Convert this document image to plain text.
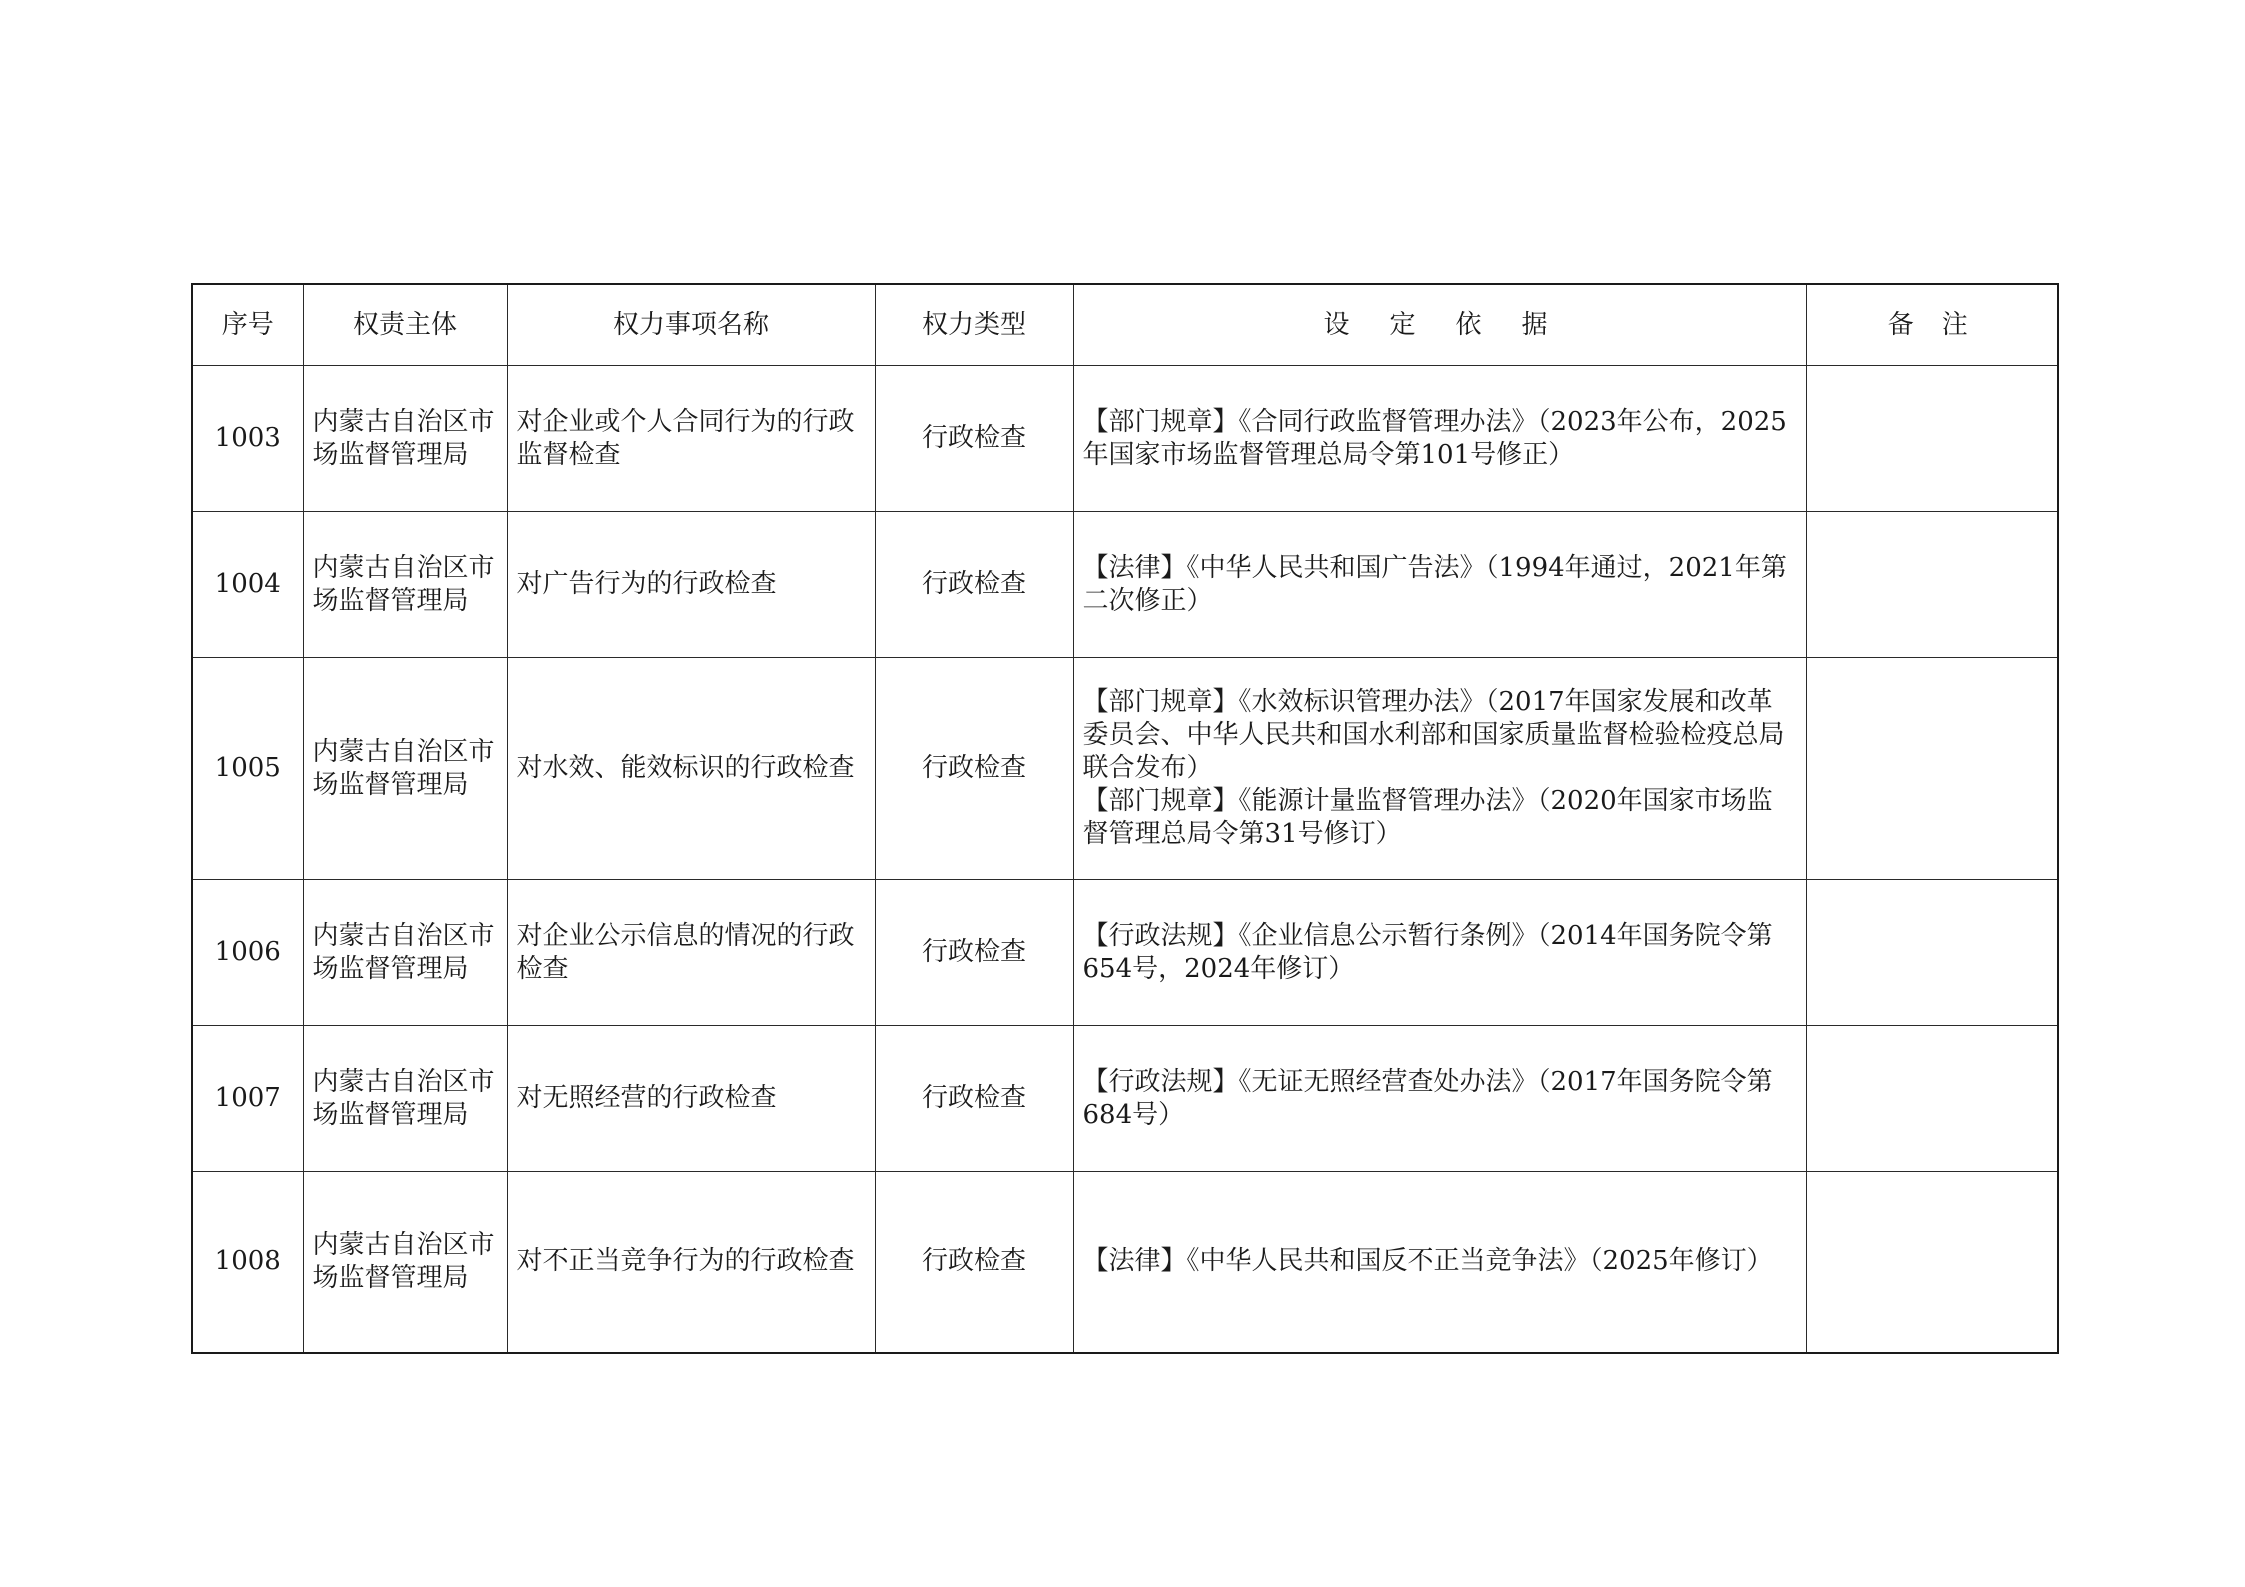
序号	权责主体	权力事项名称	权力类型	设定依据	备注
1003	内蒙古自治区市场监督管理局	对企业或个人合同行为的行政监督检查	行政检查	【部门规章】《合同行政监督管理办法》（2023年公布，2025年国家市场监督管理总局令第101号修正）	

1004	内蒙古自治区市场监督管理局	对广告行为的行政检查	行政检查	【法律】《中华人民共和国广告法》（1994年通过，2021年第二次修正）	

1005	内蒙古自治区市场监督管理局	对水效、能效标识的行政检查	行政检查	【部门规章】《水效标识管理办法》（2017年国家发展和改革委员会、中华人民共和国水利部和国家质量监督检验检疫总局联合发布）
【部门规章】《能源计量监督管理办法》（2020年国家市场监督管理总局令第31号修订）	

1006	内蒙古自治区市场监督管理局	对企业公示信息的情况的行政检查	行政检查	【行政法规】《企业信息公示暂行条例》（2014年国务院令第654号，2024年修订）	

1007	内蒙古自治区市场监督管理局	对无照经营的行政检查	行政检查	【行政法规】《无证无照经营查处办法》（2017年国务院令第684号）	

1008	内蒙古自治区市场监督管理局	对不正当竞争行为的行政检查	行政检查	【法律】《中华人民共和国反不正当竞争法》（2025年修订）	
